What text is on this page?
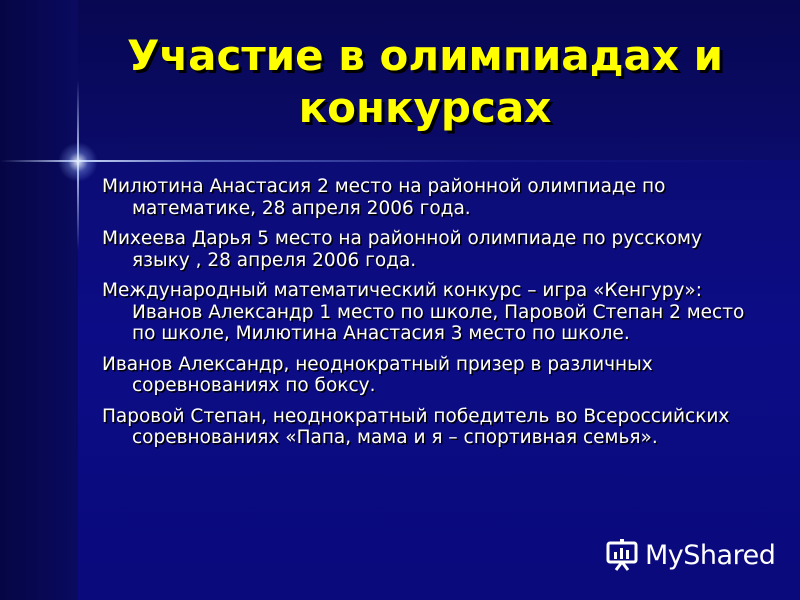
Участие в олимпиадах и конкурсах
Милютина Анастасия 2 место на районной олимпиаде по математике, 28 апреля 2006 года.
Михеева Дарья 5 место на районной олимпиаде по русскому языку , 28 апреля 2006 года.
Международный математический конкурс – игра «Кенгуру»: Иванов Александр 1 место по школе, Паровой Степан 2 место по школе, Милютина Анастасия 3 место по школе.
Иванов Александр, неоднократный призер в различных соревнованиях по боксу.
Паровой Степан, неоднократный победитель во Всероссийских соревнованиях «Папа, мама и я – спортивная семья».
MyShared
